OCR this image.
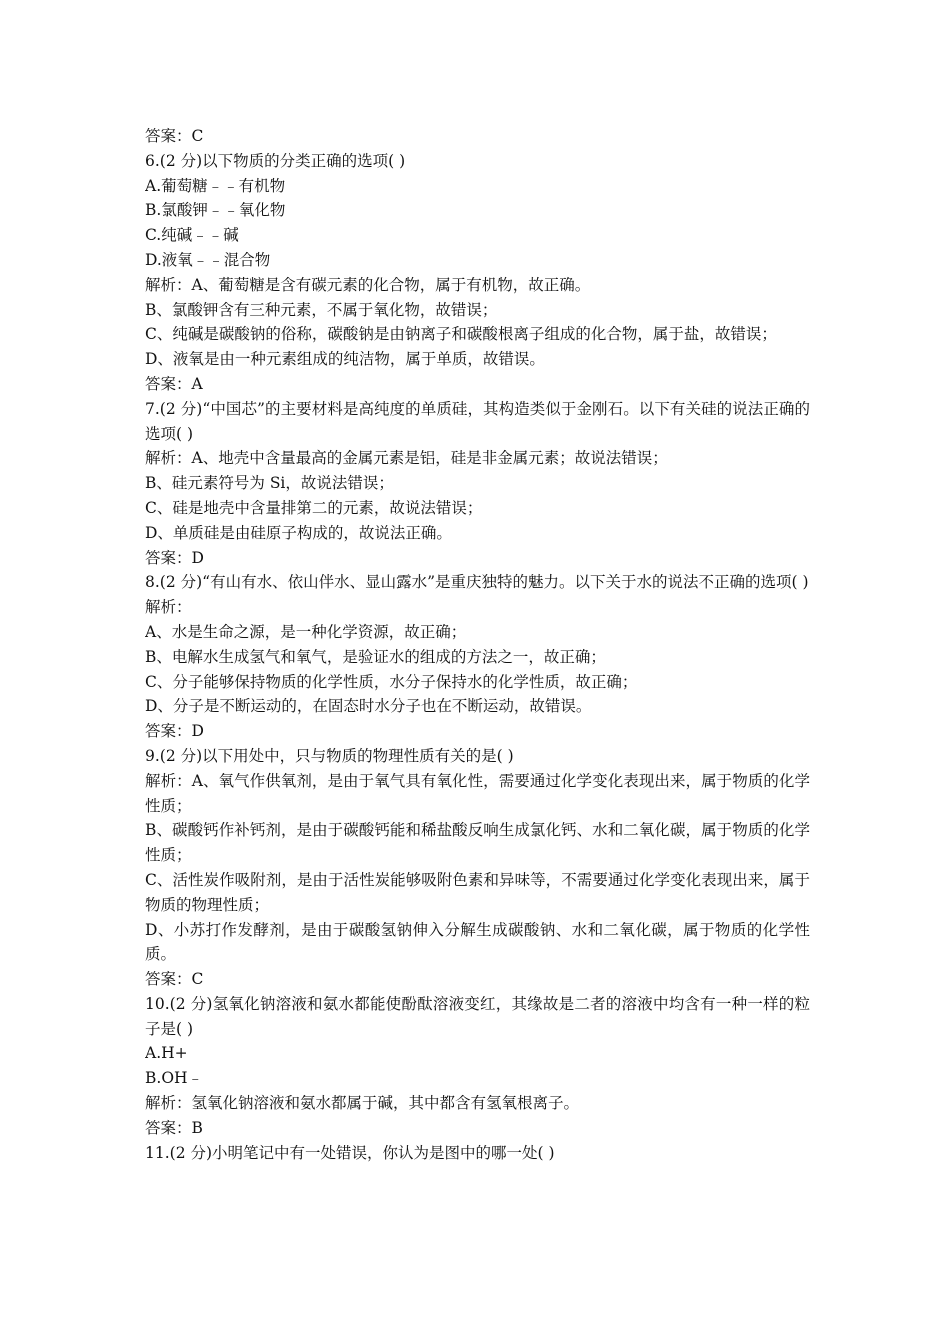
答案：C
6.(2 分)以下物质的分类正确的选项( )
A.葡萄糖﹣﹣有机物
B.氯酸钾﹣﹣氧化物
C.纯碱﹣﹣碱
D.液氧﹣﹣混合物
解析：A、葡萄糖是含有碳元素的化合物，属于有机物，故正确。
B、氯酸钾含有三种元素，不属于氧化物，故错误；
C、纯碱是碳酸钠的俗称，碳酸钠是由钠离子和碳酸根离子组成的化合物，属于盐，故错误；
D、液氧是由一种元素组成的纯洁物，属于单质，故错误。
答案：A
7.(2 分)“中国芯”的主要材料是高纯度的单质硅，其构造类似于金刚石。以下有关硅的说法正确的选项( )
解析：A、地壳中含量最高的金属元素是铝，硅是非金属元素；故说法错误；
B、硅元素符号为 Si，故说法错误；
C、硅是地壳中含量排第二的元素，故说法错误；
D、单质硅是由硅原子构成的，故说法正确。
答案：D
8.(2 分)“有山有水、依山伴水、显山露水”是重庆独特的魅力。以下关于水的说法不正确的选项( )
解析：
A、水是生命之源，是一种化学资源，故正确；
B、电解水生成氢气和氧气，是验证水的组成的方法之一，故正确；
C、分子能够保持物质的化学性质，水分子保持水的化学性质，故正确；
D、分子是不断运动的，在固态时水分子也在不断运动，故错误。
答案：D
9.(2 分)以下用处中，只与物质的物理性质有关的是( )
解析：A、氧气作供氧剂，是由于氧气具有氧化性，需要通过化学变化表现出来，属于物质的化学性质；
B、碳酸钙作补钙剂，是由于碳酸钙能和稀盐酸反响生成氯化钙、水和二氧化碳，属于物质的化学性质；
C、活性炭作吸附剂，是由于活性炭能够吸附色素和异味等，不需要通过化学变化表现出来，属于物质的物理性质；
D、小苏打作发酵剂，是由于碳酸氢钠伸入分解生成碳酸钠、水和二氧化碳，属于物质的化学性质。
答案：C
10.(2 分)氢氧化钠溶液和氨水都能使酚酞溶液变红，其缘故是二者的溶液中均含有一种一样的粒子是( )
A.H+
B.OH﹣
解析：氢氧化钠溶液和氨水都属于碱，其中都含有氢氧根离子。
答案：B
11.(2 分)小明笔记中有一处错误，你认为是图中的哪一处( )
